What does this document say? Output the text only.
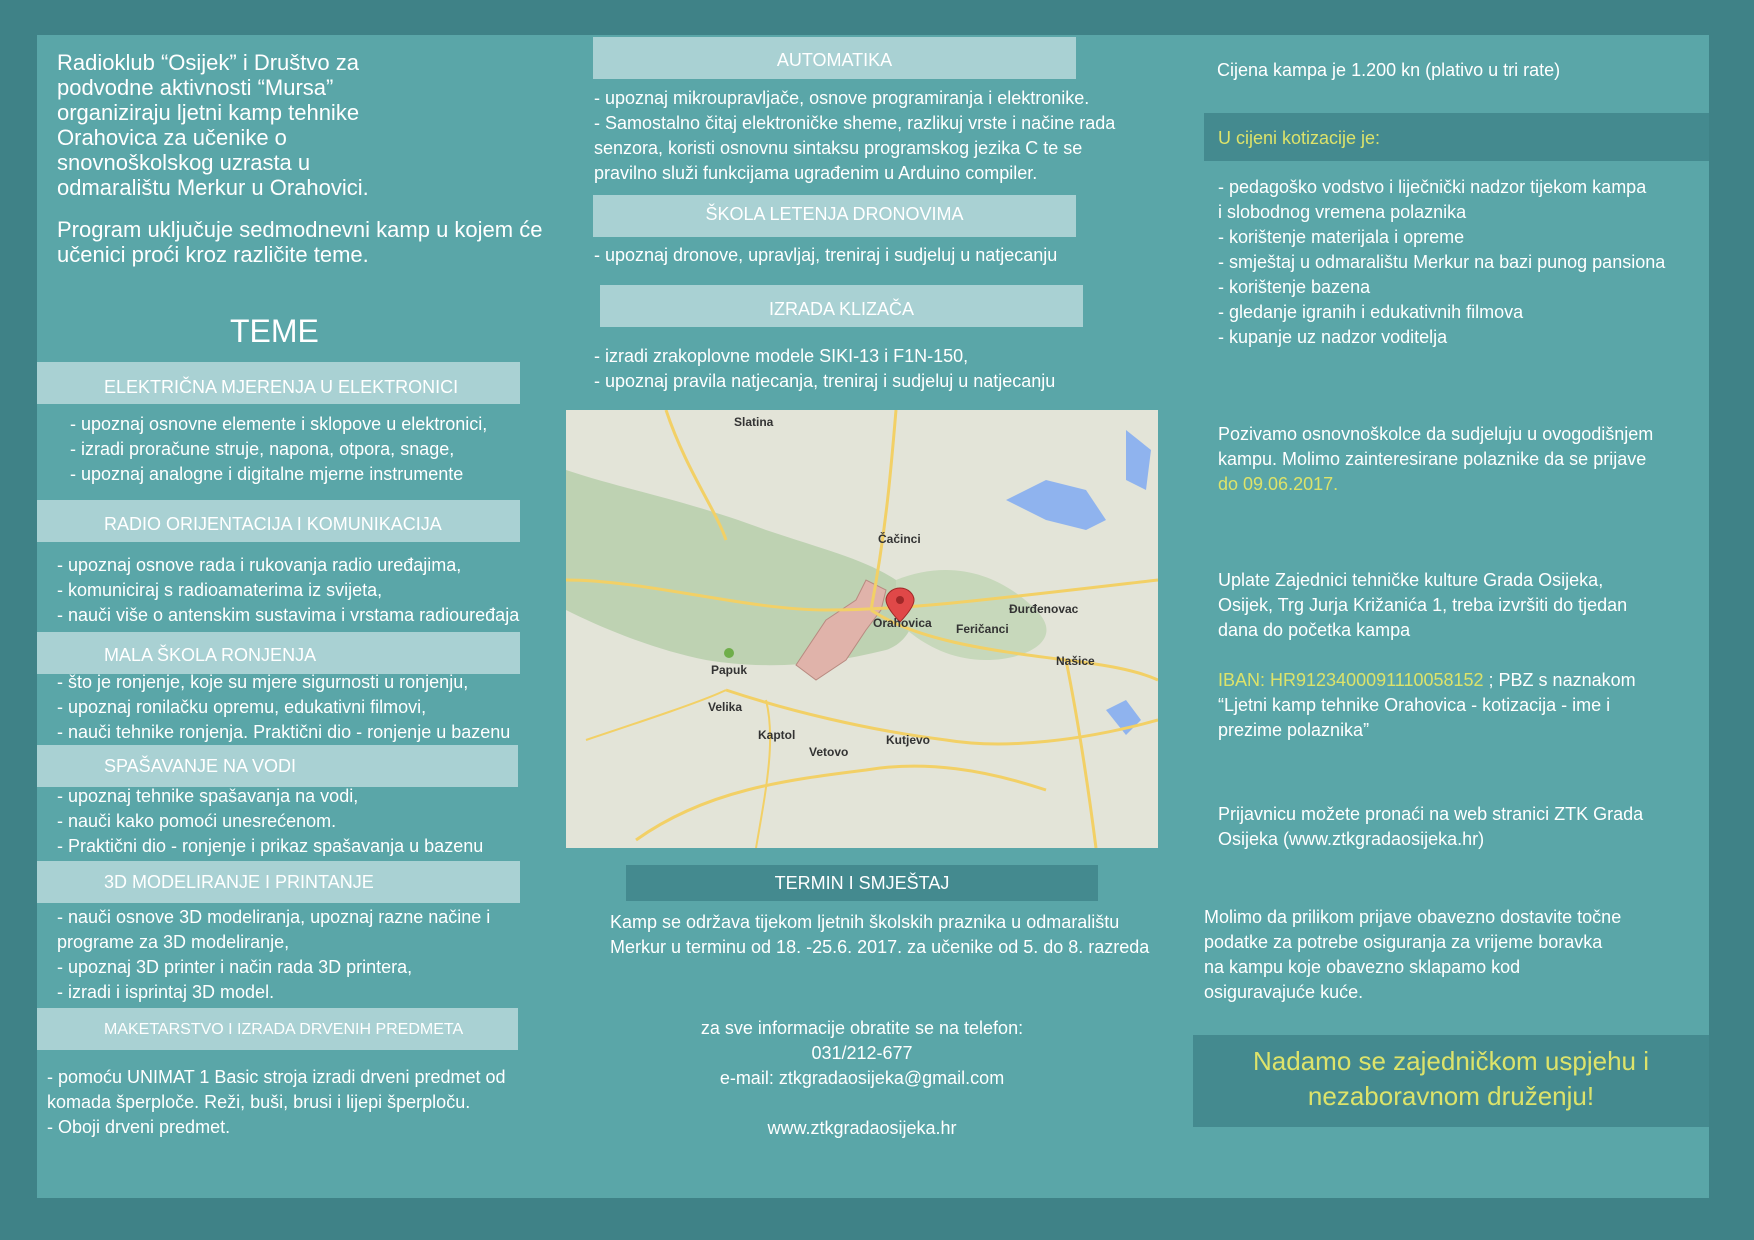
Radioklub “Osijek” i Društvo za
podvodne aktivnosti “Mursa”
organiziraju ljetni kamp tehnike
Orahovica za učenike o
snovnoškolskog uzrasta u
odmaralištu Merkur u Orahovici.
Program uključuje sedmodnevni kamp u kojem će
učenici proći kroz različite teme.
TEME
ELEKTRIČNA MJERENJA U ELEKTRONICI
- upoznaj osnovne elemente i sklopove u elektronici,
- izradi proračune struje, napona, otpora, snage,
- upoznaj analogne i digitalne mjerne instrumente
RADIO ORIJENTACIJA I KOMUNIKACIJA
- upoznaj osnove rada i rukovanja radio uređajima,
- komuniciraj s radioamaterima iz svijeta,
- nauči više o antenskim sustavima i vrstama radiouređaja
MALA ŠKOLA RONJENJA
- što je ronjenje, koje su mjere sigurnosti u ronjenju,
- upoznaj ronilačku opremu, edukativni filmovi,
- nauči tehnike ronjenja. Praktični dio - ronjenje u bazenu
SPAŠAVANJE NA VODI
- upoznaj tehnike spašavanja na vodi,
- nauči kako pomoći unesrećenom.
- Praktični dio - ronjenje i prikaz spašavanja u bazenu
3D MODELIRANJE I PRINTANJE
- nauči osnove 3D modeliranja, upoznaj razne načine i
programe za 3D modeliranje,
- upoznaj 3D printer i način rada 3D printera,
- izradi i isprintaj 3D model.
MAKETARSTVO I IZRADA DRVENIH PREDMETA
- pomoću UNIMAT 1 Basic stroja izradi drveni predmet od
komada šperploče. Reži, buši, brusi i lijepi šperploču.
- Oboji drveni predmet.
AUTOMATIKA
- upoznaj mikroupravljače, osnove programiranja i elektronike.
- Samostalno čitaj elektroničke sheme, razlikuj vrste i načine rada
senzora, koristi osnovnu sintaksu programskog jezika C te se
pravilno služi funkcijama ugrađenim u Arduino compiler.
ŠKOLA LETENJA DRONOVIMA
- upoznaj dronove, upravljaj, treniraj i sudjeluj u natjecanju
IZRADA KLIZAČA
- izradi zrakoplovne modele SIKI-13 i F1N-150,
- upoznaj pravila natjecanja, treniraj i sudjeluj u natjecanju
Slatina
Čačinci
Orahovica
Đurđenovac
Feričanci
Našice
Papuk
Velika
Kaptol
Vetovo
Kutjevo
TERMIN I SMJEŠTAJ
Kamp se održava tijekom ljetnih školskih praznika u odmaralištu
Merkur u terminu od 18. -25.6. 2017. za učenike od 5. do 8. razreda
za sve informacije obratite se na telefon:
031/212-677
e-mail: ztkgradaosijeka@gmail.com
www.ztkgradaosijeka.hr
Cijena kampa je 1.200 kn (plativo u tri rate)
U cijeni kotizacije je:
- pedagoško vodstvo i liječnički nadzor tijekom kampa
i slobodnog vremena polaznika
- korištenje materijala i opreme
- smještaj u odmaralištu Merkur na bazi punog pansiona
- korištenje bazena
- gledanje igranih i edukativnih filmova
- kupanje uz nadzor voditelja
Pozivamo osnovnoškolce da sudjeluju u ovogodišnjem
kampu. Molimo zainteresirane polaznike da se prijave
do 09.06.2017.
Uplate Zajednici tehničke kulture Grada Osijeka,
Osijek, Trg Jurja Križanića 1, treba izvršiti do tjedan
dana do početka kampa
IBAN: HR9123400091110058152 ; PBZ s naznakom
“Ljetni kamp tehnike Orahovica - kotizacija - ime i
prezime polaznika”
Prijavnicu možete pronaći na web stranici ZTK Grada
Osijeka (www.ztkgradaosijeka.hr)
Molimo da prilikom prijave obavezno dostavite točne
podatke za potrebe osiguranja za vrijeme boravka
na kampu koje obavezno sklapamo kod
osiguravajuće kuće.
Nadamo se zajedničkom uspjehu i
nezaboravnom druženju!
